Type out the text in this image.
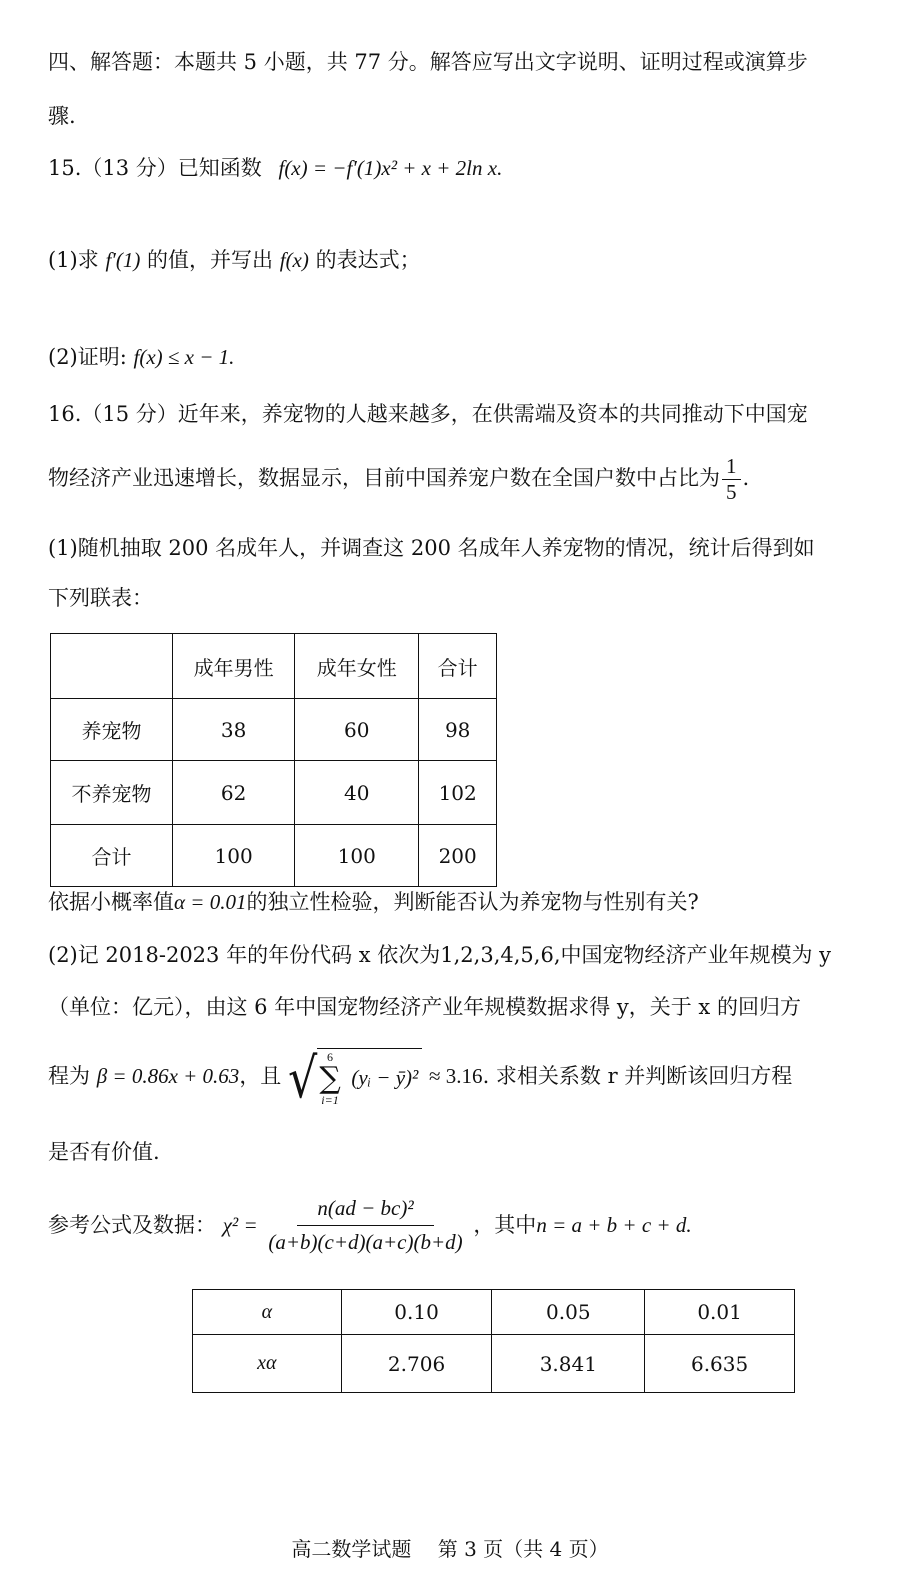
四、解答题：本题共 5 小题，共 77 分。解答应写出文字说明、证明过程或演算步
骤.
15.（13 分）已知函数 f(x) = −f′(1)x² + x + 2ln x.
(1)求 f′(1) 的值，并写出 f(x) 的表达式；
(2)证明: f(x) ≤ x − 1.
16.（15 分）近年来，养宠物的人越来越多，在供需端及资本的共同推动下中国宠
物经济产业迅速增长，数据显示，目前中国养宠户数在全国户数中占比为 $\frac{1}{5}$ .
(1)随机抽取 200 名成年人，并调查这 200 名成年人养宠物的情况，统计后得到如
下列联表：
	成年男性	成年女性	合计
养宠物	38	60	98
不养宠物	62	40	102
合计	100	100	200
依据小概率值α = 0.01的独立性检验，判断能否认为养宠物与性别有关?
(2)记 2018-2023 年的年份代码 x 依次为1,2,3,4,5,6,中国宠物经济产业年规模为 y
（单位：亿元），由这 6 年中国宠物经济产业年规模数据求得 y，关于 x 的回归方
程为 β = 0.86x + 0.63，且 √ 6
∑
i=1
(yᵢ − ȳ)² ≈ 3.16. 求相关系数 r 并判断该回归方程
是否有价值.
参考公式及数据： $\chi^2 = \frac{\text{n(ad − bc)²}}{(a+b)(c+d)(a+c)(b+d)}$ ，其中n = a + b + c + d.
α	0.10	0.05	0.01
xα	2.706	3.841	6.635
高二数学试题　 第 3 页（共 4 页）
